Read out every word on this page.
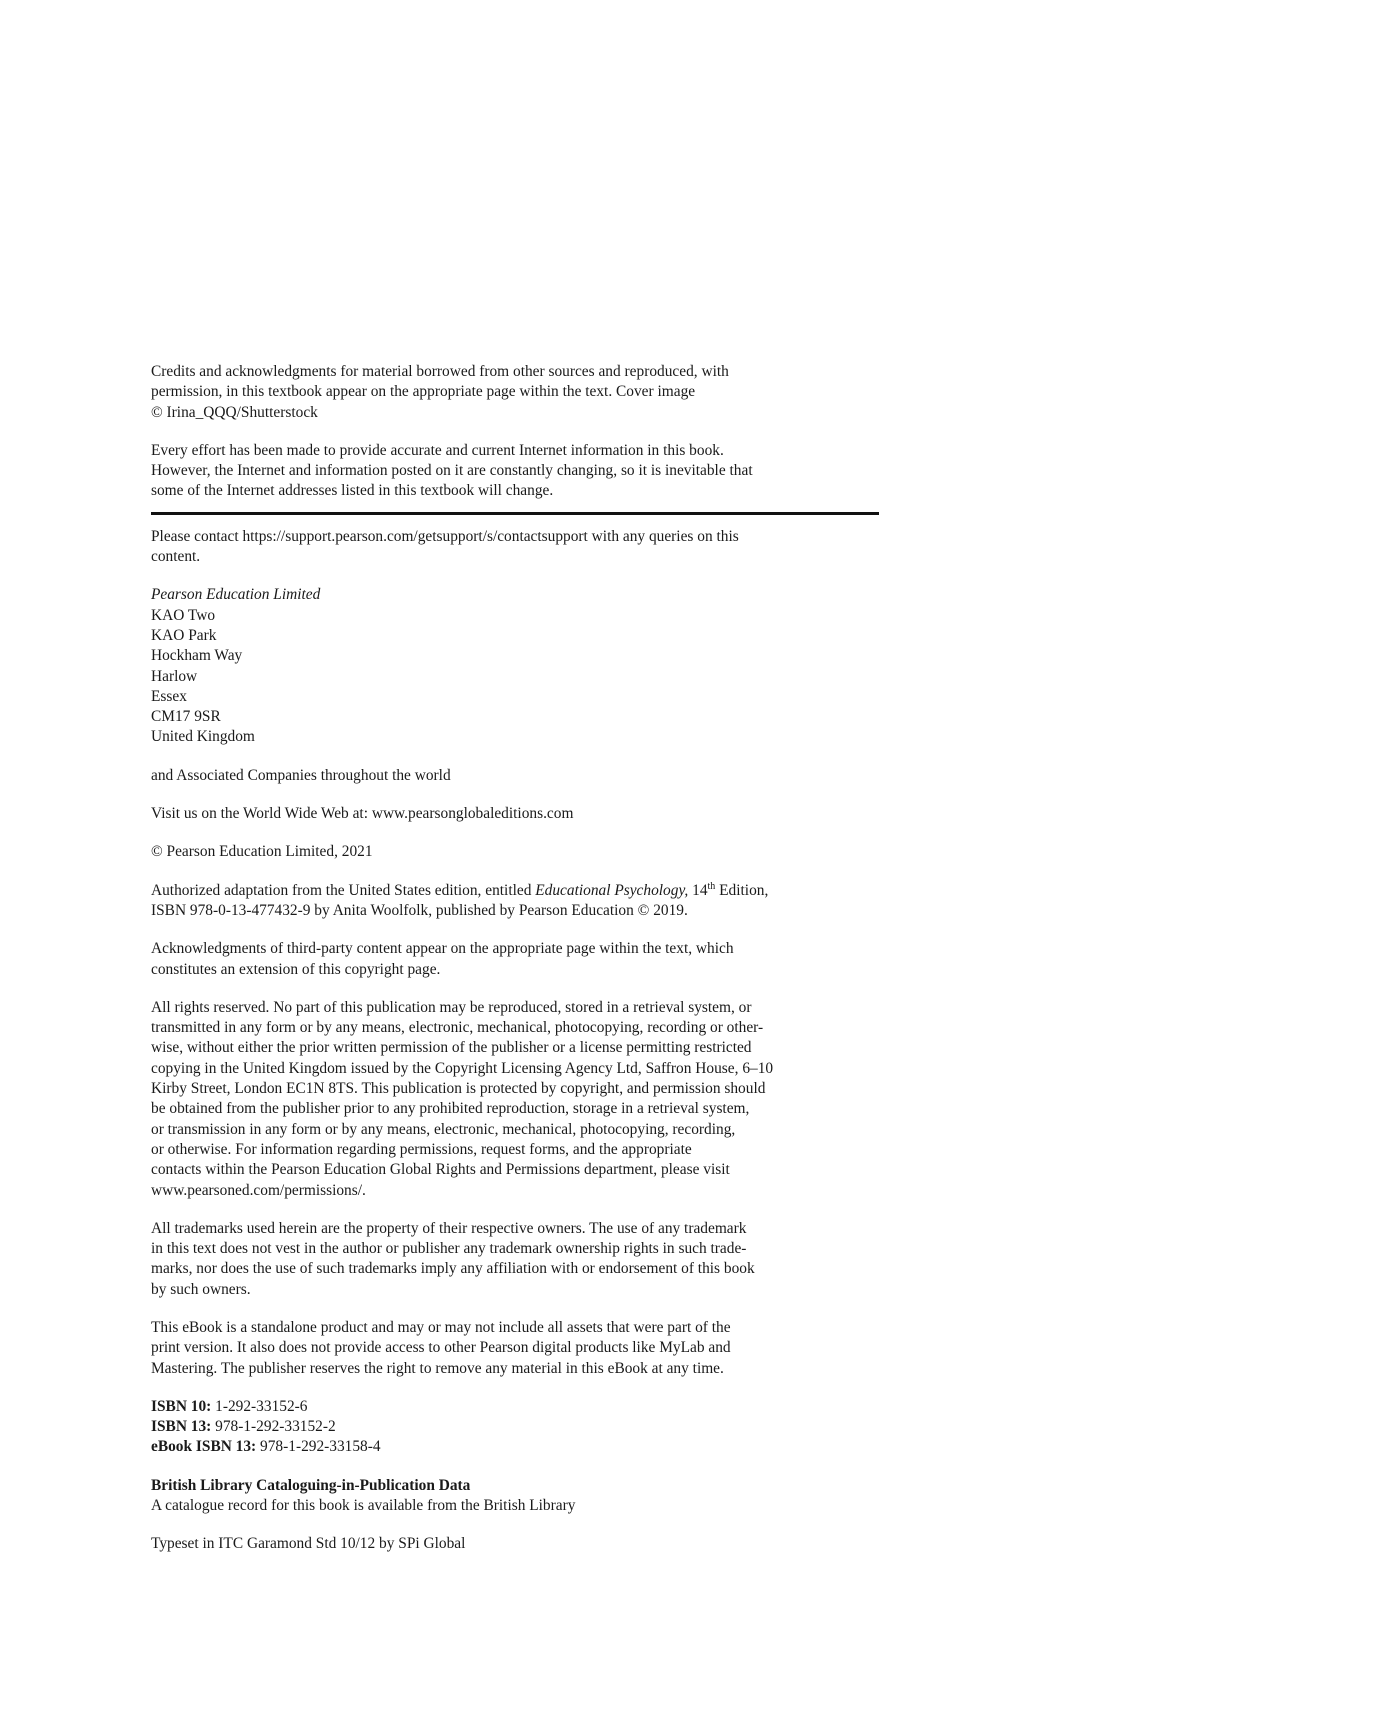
Credits and acknowledgments for material borrowed from other sources and reproduced, with
permission, in this textbook appear on the appropriate page within the text. Cover image
© Irina_QQQ/Shutterstock
Every effort has been made to provide accurate and current Internet information in this book.
However, the Internet and information posted on it are constantly changing, so it is inevitable that
some of the Internet addresses listed in this textbook will change.
Please contact https://support.pearson.com/getsupport/s/contactsupport with any queries on this
content.
Pearson Education Limited
KAO Two
KAO Park
Hockham Way
Harlow
Essex
CM17 9SR
United Kingdom
and Associated Companies throughout the world
Visit us on the World Wide Web at: www.pearsonglobaleditions.com
© Pearson Education Limited, 2021
Authorized adaptation from the United States edition, entitled Educational Psychology, 14th Edition,
ISBN 978-0-13-477432-9 by Anita Woolfolk, published by Pearson Education © 2019.
Acknowledgments of third-party content appear on the appropriate page within the text, which
constitutes an extension of this copyright page.
All rights reserved. No part of this publication may be reproduced, stored in a retrieval system, or
transmitted in any form or by any means, electronic, mechanical, photocopying, recording or other-
wise, without either the prior written permission of the publisher or a license permitting restricted
copying in the United Kingdom issued by the Copyright Licensing Agency Ltd, Saffron House, 6–10
Kirby Street, London EC1N 8TS. This publication is protected by copyright, and permission should
be obtained from the publisher prior to any prohibited reproduction, storage in a retrieval system,
or transmission in any form or by any means, electronic, mechanical, photocopying, recording,
or otherwise. For information regarding permissions, request forms, and the appropriate
contacts within the Pearson Education Global Rights and Permissions department, please visit
www.pearsoned.com/permissions/.
All trademarks used herein are the property of their respective owners. The use of any trademark
in this text does not vest in the author or publisher any trademark ownership rights in such trade-
marks, nor does the use of such trademarks imply any affiliation with or endorsement of this book
by such owners.
This eBook is a standalone product and may or may not include all assets that were part of the
print version. It also does not provide access to other Pearson digital products like MyLab and
Mastering. The publisher reserves the right to remove any material in this eBook at any time.
ISBN 10: 1-292-33152-6
ISBN 13: 978-1-292-33152-2
eBook ISBN 13: 978-1-292-33158-4
British Library Cataloguing-in-Publication Data
A catalogue record for this book is available from the British Library
Typeset in ITC Garamond Std 10/12 by SPi Global
